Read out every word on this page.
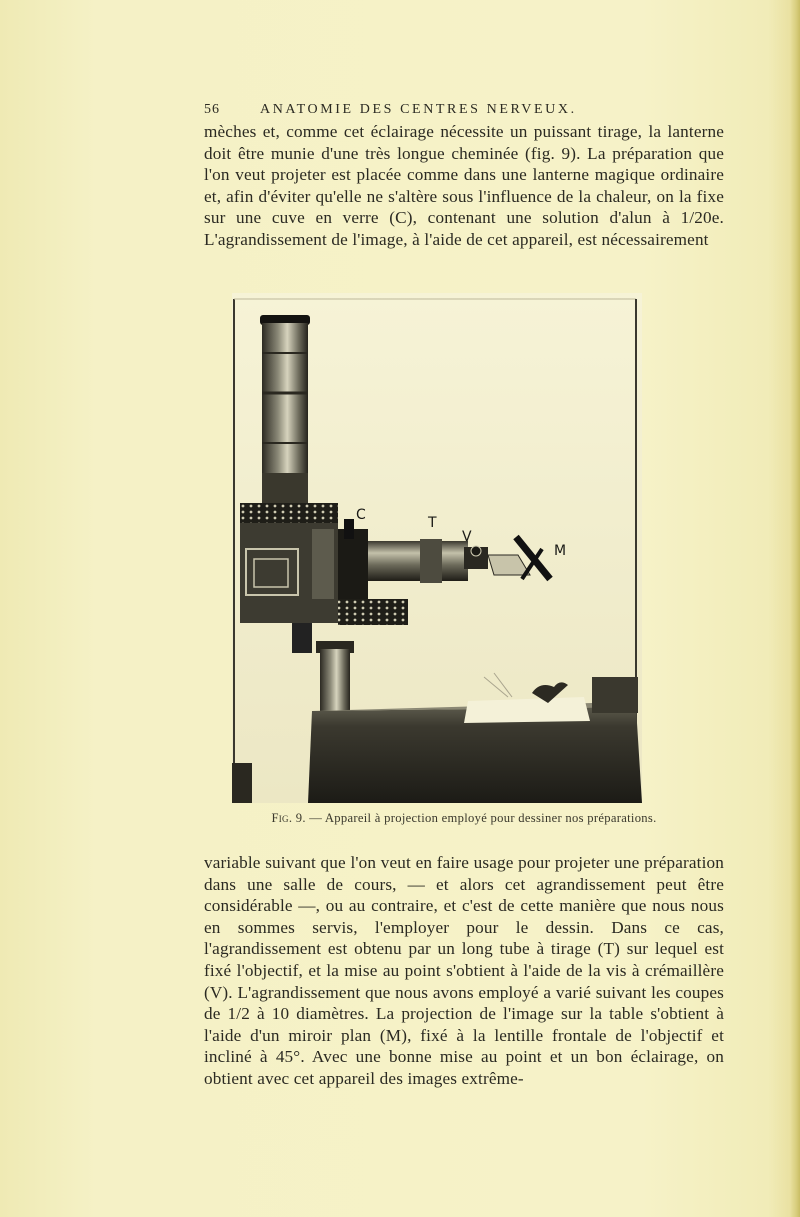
56	ANATOMIE DES CENTRES NERVEUX.
mèches et, comme cet éclairage nécessite un puissant tirage, la lanterne doit être munie d'une très longue cheminée (fig. 9). La préparation que l'on veut projeter est placée comme dans une lanterne magique ordinaire et, afin d'éviter qu'elle ne s'altère sous l'influence de la chaleur, on la fixe sur une cuve en verre (C), contenant une solution d'alun à 1/20e. L'agrandissement de l'image, à l'aide de cet appareil, est nécessairement
C	T
V
M
Fig. 9. — Appareil à projection employé pour dessiner nos préparations.
variable suivant que l'on veut en faire usage pour projeter une préparation dans une salle de cours, — et alors cet agrandissement peut être considérable —, ou au contraire, et c'est de cette manière que nous nous en sommes servis, l'employer pour le dessin. Dans ce cas, l'agrandissement est obtenu par un long tube à tirage (T) sur lequel est fixé l'objectif, et la mise au point s'obtient à l'aide de la vis à crémaillère (V). L'agrandissement que nous avons employé a varié suivant les coupes de 1/2 à 10 diamètres. La projection de l'image sur la table s'obtient à l'aide d'un miroir plan (M), fixé à la lentille frontale de l'objectif et incliné à 45°. Avec une bonne mise au point et un bon éclairage, on obtient avec cet appareil des images extrême-
